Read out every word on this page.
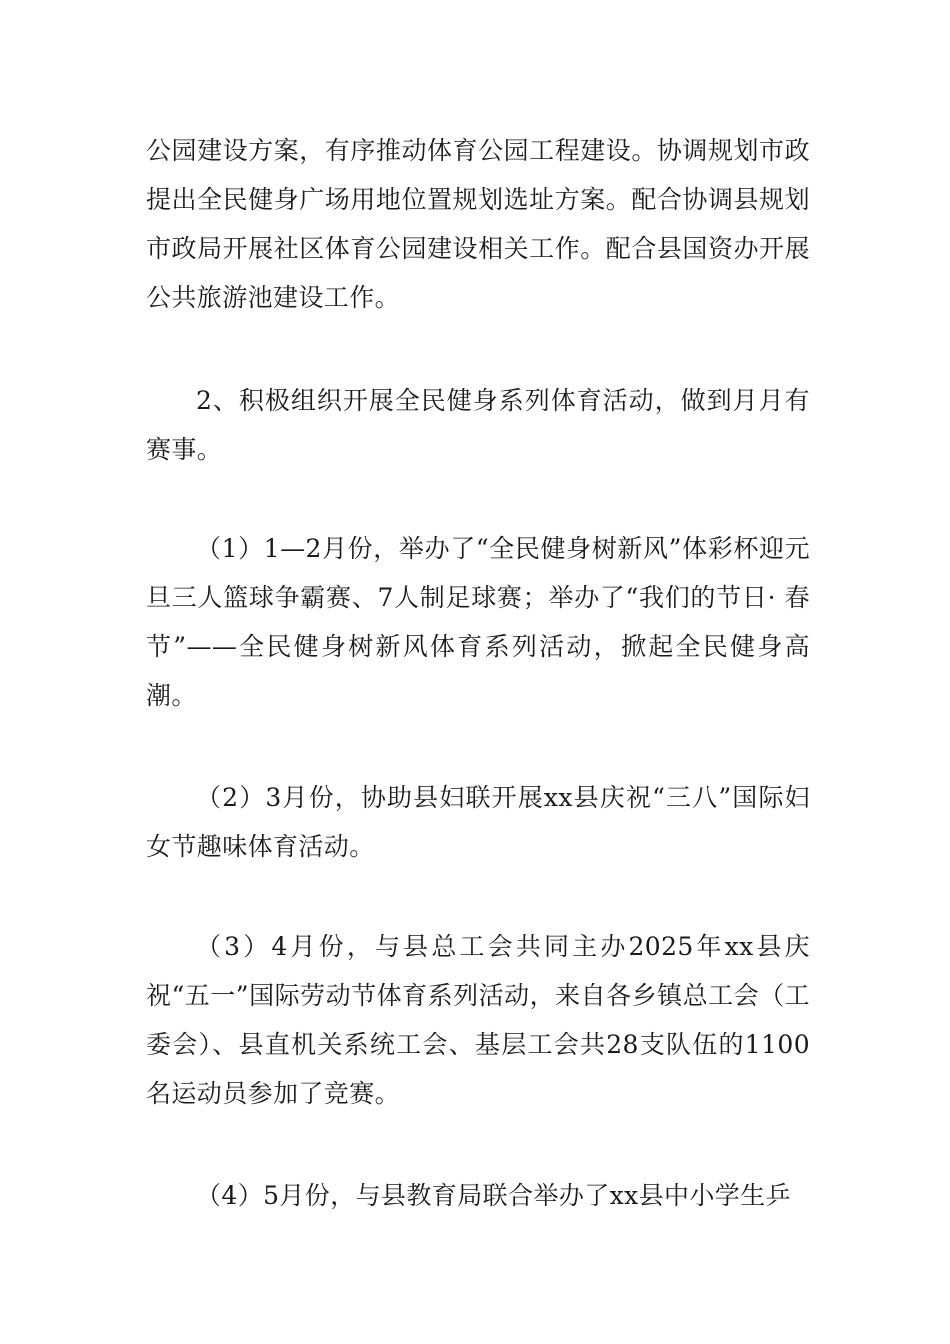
公园建设方案，有序推动体育公园工程建设。协调规划市政提出全民健身广场用地位置规划选址方案。配合协调县规划市政局开展社区体育公园建设相关工作。配合县国资办开展公共旅游池建设工作。

2、积极组织开展全民健身系列体育活动，做到月月有赛事。

（1）1—2月份，举办了“全民健身树新风”体彩杯迎元旦三人篮球争霸赛、7人制足球赛；举办了“我们的节日· 春节”——全民健身树新风体育系列活动，掀起全民健身高潮。

（2）3月份，协助县妇联开展xx县庆祝“三八”国际妇女节趣味体育活动。

（3）4月份，与县总工会共同主办2025年xx县庆祝“五一”国际劳动节体育系列活动，来自各乡镇总工会（工委会）、县直机关系统工会、基层工会共28支队伍的1100名运动员参加了竞赛。

（4）5月份，与县教育局联合举办了xx县中小学生乒
